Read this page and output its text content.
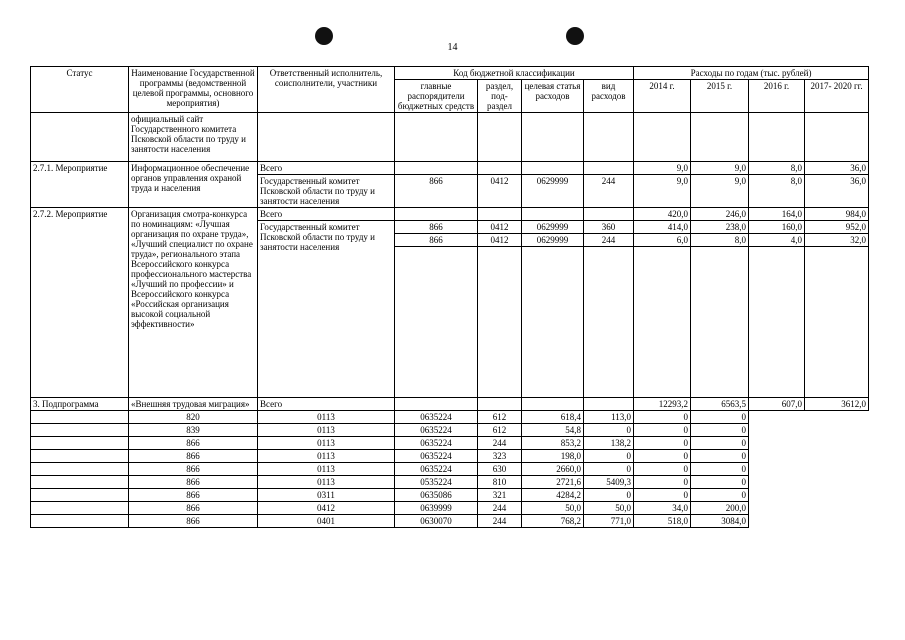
14
Статус	Наименование Государственной программы (ведомственной целевой программы, основного мероприятия)	Ответственный исполнитель, соисполнители, участники	Код бюджетной классификации				Расходы по годам (тыс. рублей)			
			главные распорядители бюджетных средств	раздел, под- раздел	целевая статья расходов	вид расходов	2014 г.	2015 г.	2016 г.	2017- 2020 гг.
	официальный сайт Государственного комитета Псковской области по труду и занятости населения									
2.7.1. Мероприятие	Информационное обеспечение органов управления охраной труда и населения	Всего					9,0	9,0	8,0	36,0
		Государственный комитет Псковской области по труду и занятости населения	866	0412	0629999	244	9,0	9,0	8,0	36,0
2.7.2. Мероприятие	Организация смотра-конкурса по номинациям: «Лучшая организация по охране труда», «Лучший специалист по охране труда», регионального этапа Всероссийского конкурса профессионального мастерства «Лучший по профессии» и Всероссийского конкурса «Российская организация высокой социальной эффективности»	Всего					420,0	246,0	164,0	984,0
		Государственный комитет Псковской области по труду и занятости населения	866	0412	0629999	360	414,0	238,0	160,0	952,0
			866	0412	0629999	244	6,0	8,0	4,0	32,0

3. Подпрограмма	«Внешняя трудовая миграция»	Всего					12293,2	6563,5	607,0	3612,0
	820	0113	0635224	612	618,4	113,0	0	0		
	839	0113	0635224	612	54,8	0	0	0		
	866	0113	0635224	244	853,2	138,2	0	0		
	866	0113	0635224	323	198,0	0	0	0		
	866	0113	0635224	630	2660,0	0	0	0		
	866	0113	0535224	810	2721,6	5409,3	0	0		
	866	0311	0635086	321	4284,2	0	0	0		
	866	0412	0639999	244	50,0	50,0	34,0	200,0		
	866	0401	0630070	244	768,2	771,0	518,0	3084,0		
